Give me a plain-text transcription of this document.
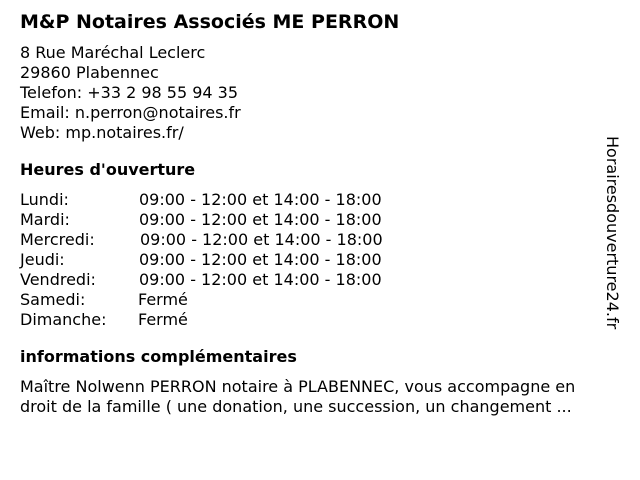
M&P Notaires Associés ME PERRON
8 Rue Maréchal Leclerc
29860 Plabennec
Telefon: +33 2 98 55 94 35
Email: n.perron@notaires.fr
Web: mp.notaires.fr/
Heures d'ouverture
Lundi:	09:00 - 12:00 et 14:00 - 18:00
Mardi:	09:00 - 12:00 et 14:00 - 18:00
Mercredi:	09:00 - 12:00 et 14:00 - 18:00
Jeudi:	09:00 - 12:00 et 14:00 - 18:00
Vendredi:	09:00 - 12:00 et 14:00 - 18:00
Samedi:	Fermé
Dimanche: Fermé
informations complémentaires
Maître Nolwenn PERRON notaire à PLABENNEC, vous accompagne en
droit de la famille ( une donation, une succession, un changement ...
Horairesdouverture24.fr
